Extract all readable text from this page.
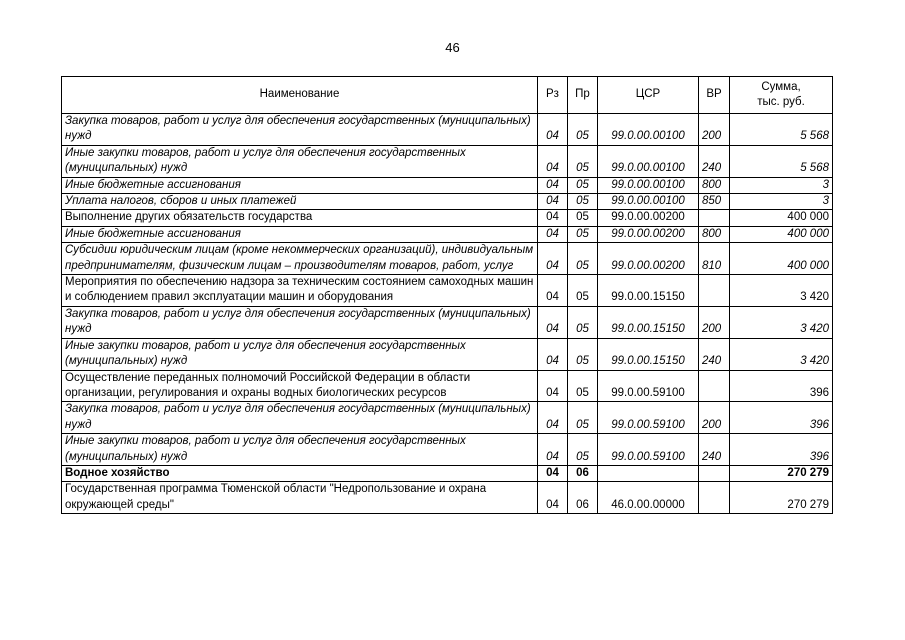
46
Наименование	Рз	Пр	ЦСР	ВР	Сумма,
тыс. руб.
Закупка товаров, работ и услуг для обеспечения государственных (муниципальных) нужд	04	05	99.0.00.00100	200	5 568
Иные закупки товаров, работ и услуг для обеспечения государственных (муниципальных) нужд	04	05	99.0.00.00100	240	5 568
Иные бюджетные ассигнования	04	05	99.0.00.00100	800	3
Уплата налогов, сборов и иных платежей	04	05	99.0.00.00100	850	3
Выполнение других обязательств государства	04	05	99.0.00.00200		400 000
Иные бюджетные ассигнования	04	05	99.0.00.00200	800	400 000
Субсидии юридическим лицам (кроме некоммерческих организаций), индивидуальным предпринимателям, физическим лицам – производителям товаров, работ, услуг	04	05	99.0.00.00200	810	400 000
Мероприятия по обеспечению надзора за техническим состоянием самоходных машин и соблюдением правил эксплуатации машин и оборудования	04	05	99.0.00.15150		3 420
Закупка товаров, работ и услуг для обеспечения государственных (муниципальных) нужд	04	05	99.0.00.15150	200	3 420
Иные закупки товаров, работ и услуг для обеспечения государственных (муниципальных) нужд	04	05	99.0.00.15150	240	3 420
Осуществление переданных полномочий Российской Федерации в области организации, регулирования и охраны водных биологических ресурсов	04	05	99.0.00.59100		396
Закупка товаров, работ и услуг для обеспечения государственных (муниципальных) нужд	04	05	99.0.00.59100	200	396
Иные закупки товаров, работ и услуг для обеспечения государственных (муниципальных) нужд	04	05	99.0.00.59100	240	396
Водное хозяйство	04	06			270 279
Государственная программа Тюменской области "Недропользование и охрана окружающей среды"	04	06	46.0.00.00000		270 279
